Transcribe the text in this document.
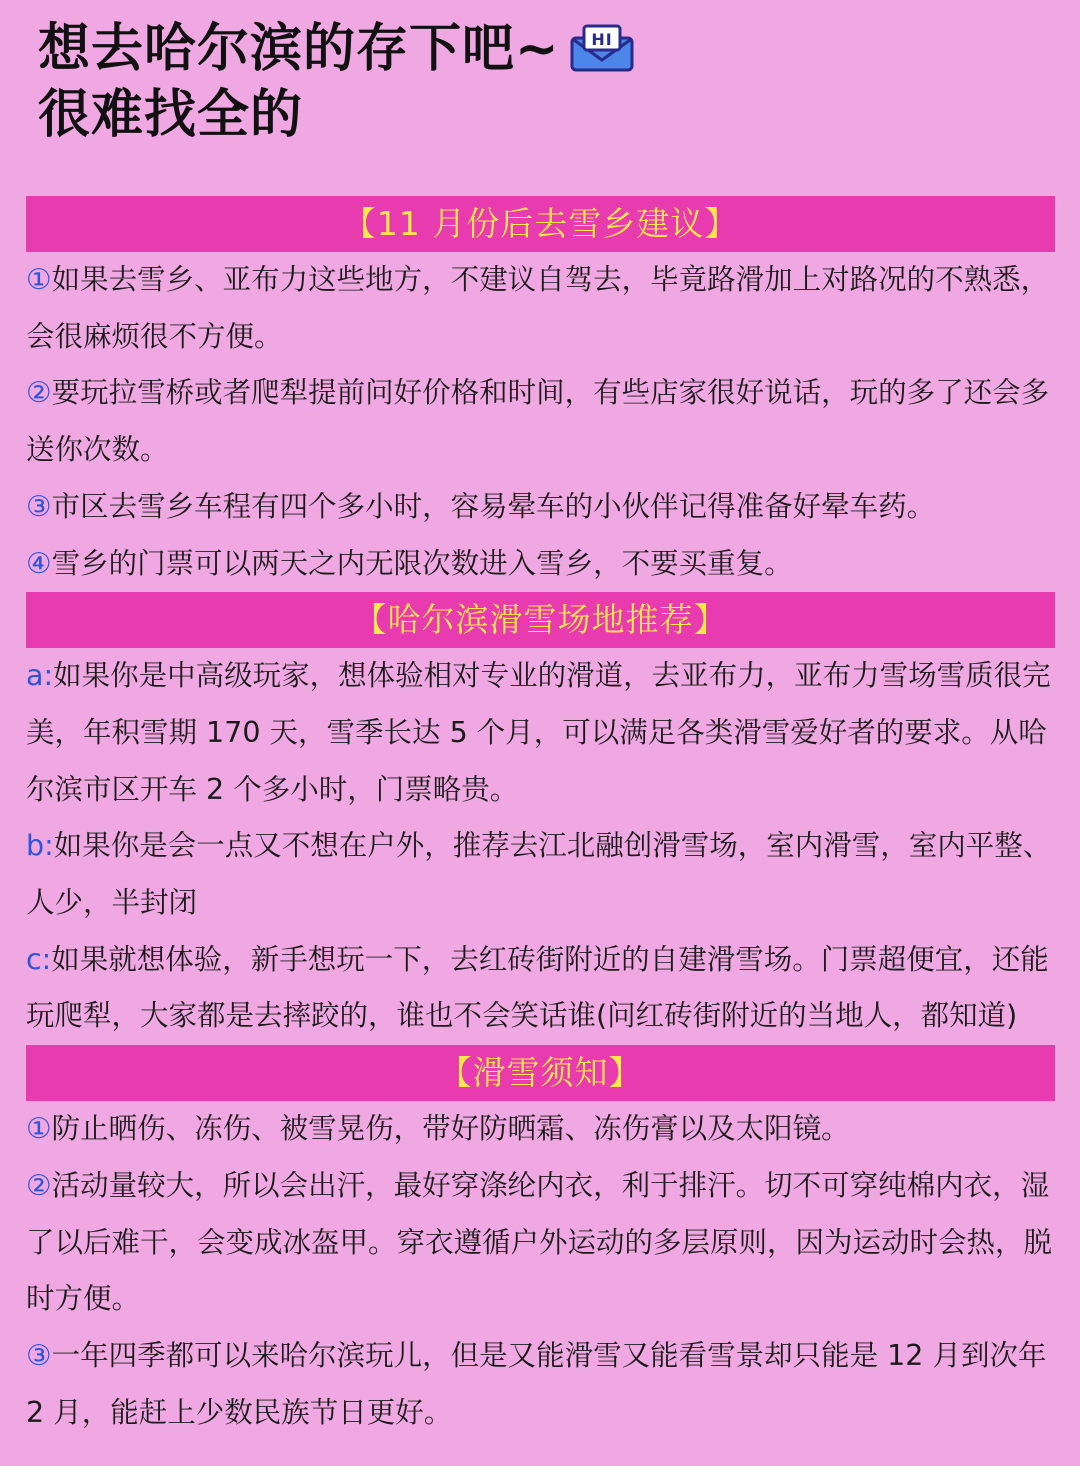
想去哈尔滨的存下吧~ HI
很难找全的
【11 月份后去雪乡建议】
①如果去雪乡、亚布力这些地方，不建议自驾去，毕竟路滑加上对路况的不熟悉，会很麻烦很不方便。
②要玩拉雪桥或者爬犁提前问好价格和时间，有些店家很好说话，玩的多了还会多送你次数。
③市区去雪乡车程有四个多小时，容易晕车的小伙伴记得准备好晕车药。
④雪乡的门票可以两天之内无限次数进入雪乡，不要买重复。
【哈尔滨滑雪场地推荐】
a:如果你是中高级玩家，想体验相对专业的滑道，去亚布力，亚布力雪场雪质很完美，年积雪期 170 天，雪季长达 5 个月，可以满足各类滑雪爱好者的要求。从哈尔滨市区开车 2 个多小时，门票略贵。
b:如果你是会一点又不想在户外，推荐去江北融创滑雪场，室内滑雪，室内平整、人少，半封闭
c:如果就想体验，新手想玩一下，去红砖街附近的自建滑雪场。门票超便宜，还能玩爬犁，大家都是去摔跤的，谁也不会笑话谁(问红砖街附近的当地人，都知道)
【滑雪须知】
①防止晒伤、冻伤、被雪晃伤，带好防晒霜、冻伤膏以及太阳镜。
②活动量较大，所以会出汗，最好穿涤纶内衣，利于排汗。切不可穿纯棉内衣，湿了以后难干，会变成冰盔甲。穿衣遵循户外运动的多层原则，因为运动时会热，脱时方便。
③一年四季都可以来哈尔滨玩儿，但是又能滑雪又能看雪景却只能是 12 月到次年 2 月，能赶上少数民族节日更好。
